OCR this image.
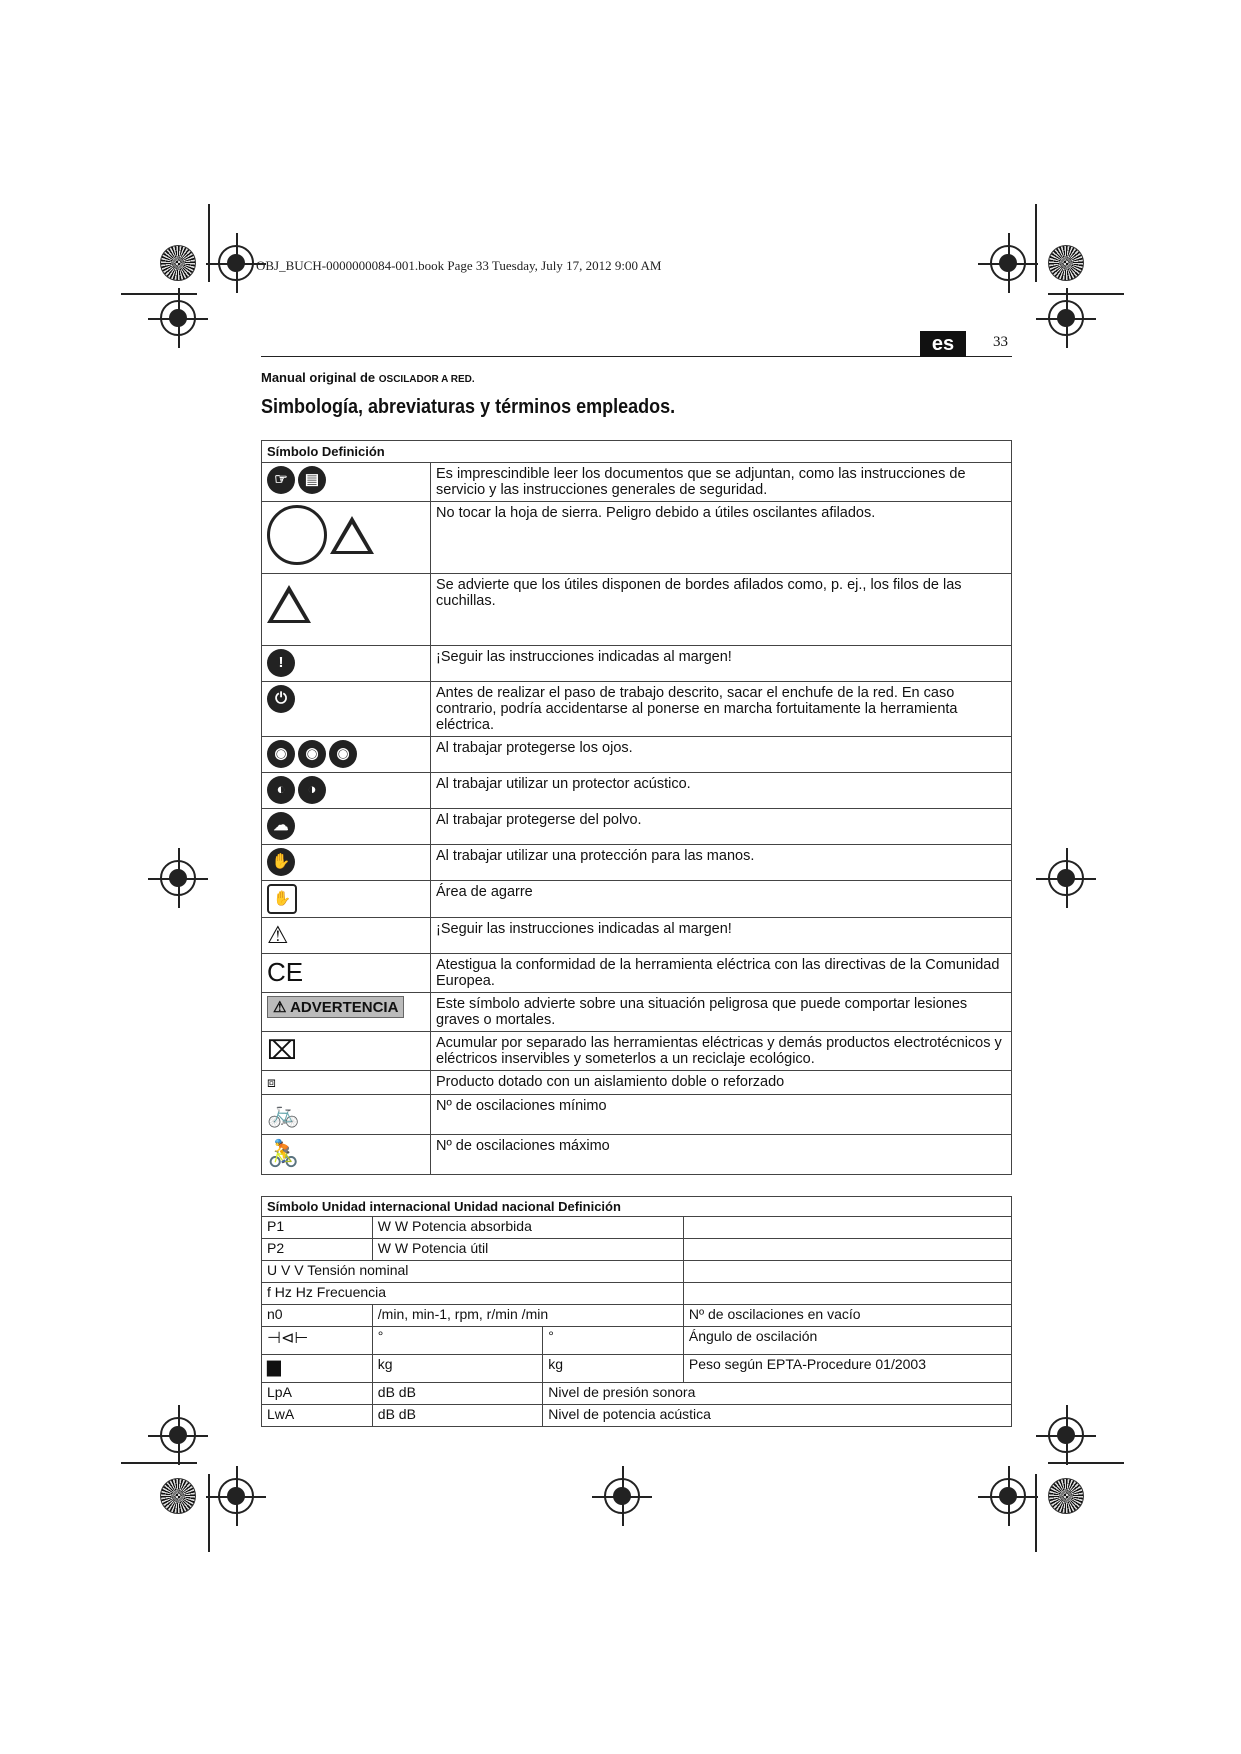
OBJ_BUCH-0000000084-001.book Page 33 Tuesday, July 17, 2012 9:00 AM
es	33
Manual original de OSCILADOR A RED.
Simbología, abreviaturas y términos empleados.
Símbolo Definición	
☞ ▤	Es imprescindible leer los documentos que se adjuntan, como las instrucciones de servicio y las instrucciones generales de seguridad.

	No tocar la hoja de sierra. Peligro debido a útiles oscilantes afilados.

	Se advierte que los útiles disponen de bordes afilados como, p. ej., los filos de las cuchillas.
!	¡Seguir las instrucciones indicadas al margen!
⏻	Antes de realizar el paso de trabajo descrito, sacar el enchufe de la red. En caso contrario, podría accidentarse al ponerse en marcha fortuitamente la herramienta eléctrica.
◉ ◉ ◉	Al trabajar protegerse los ojos.
◐ ◑	Al trabajar utilizar un protector acústico.
☁	Al trabajar protegerse del polvo.
✋	Al trabajar utilizar una protección para las manos.
✋	Área de agarre
⚠	¡Seguir las instrucciones indicadas al margen!
CE	Atestigua la conformidad de la herramienta eléctrica con las directivas de la Comunidad Europea.
⚠ ADVERTENCIA	Este símbolo advierte sobre una situación peligrosa que puede comportar lesiones graves o mortales.
⌧	Acumular por separado las herramientas eléctricas y demás productos electrotécnicos y eléctricos inservibles y someterlos a un reciclaje ecológico.
⧈	Producto dotado con un aislamiento doble o reforzado
🚲	Nº de oscilaciones mínimo
🚴	Nº de oscilaciones máximo
Símbolo Unidad internacional Unidad nacional Definición			
P1	W W Potencia absorbida		
P2	W W Potencia útil		
U V V Tensión nominal			
f Hz Hz Frecuencia			
n0	/min, min-1, rpm, r/min /min		Nº de oscilaciones en vacío
⊣⊲⊢	°	°	Ángulo de oscilación
▆	kg	kg	Peso según EPTA-Procedure 01/2003
LpA	dB dB	Nivel de presión sonora	
LwA	dB dB	Nivel de potencia acústica	
